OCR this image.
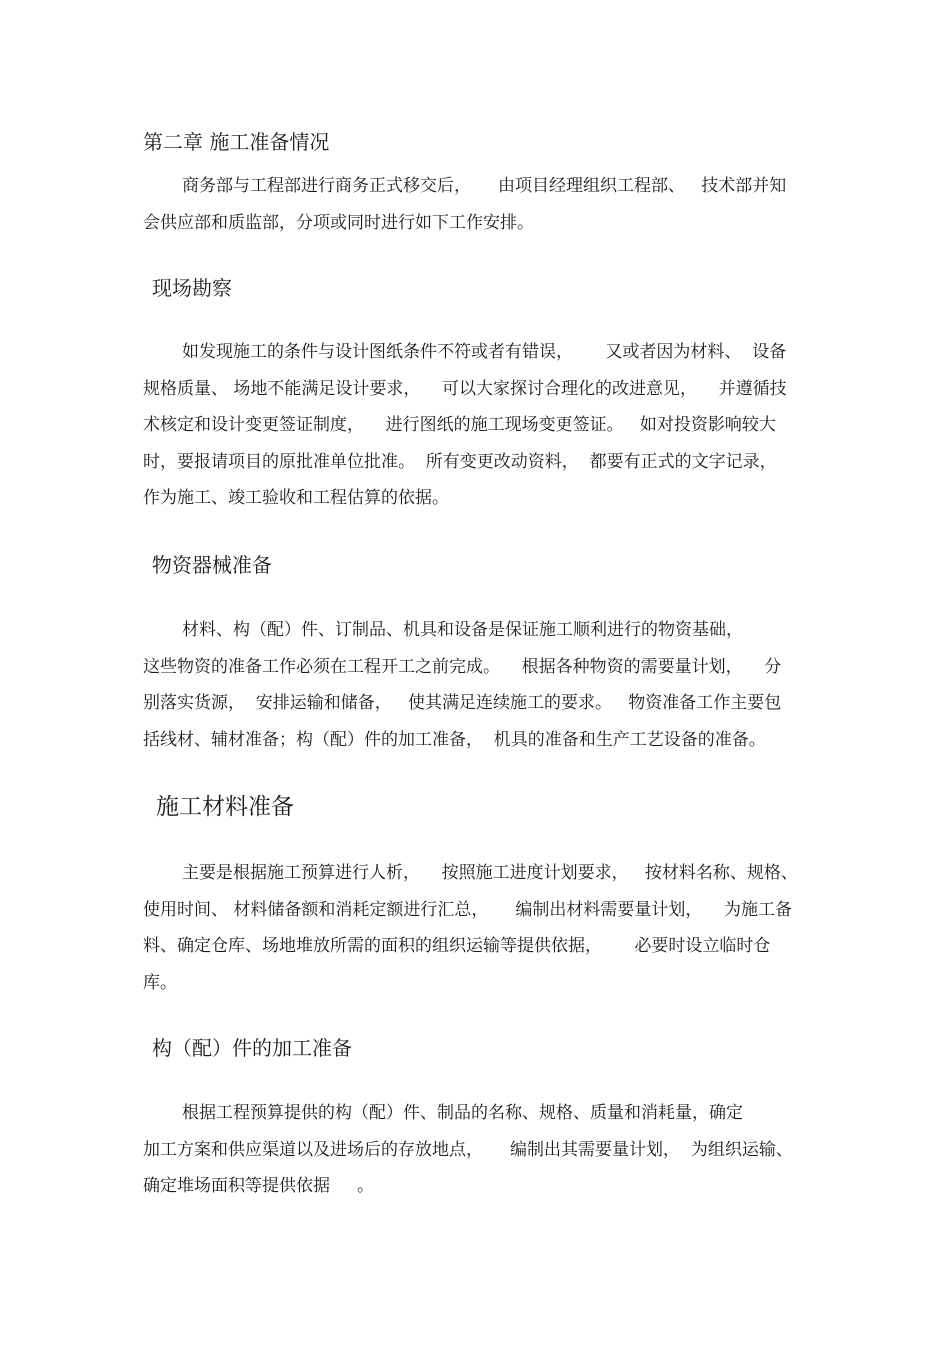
第二章 施工准备情况
商务部与工程部进行商务正式移交后，     由项目经理组织工程部、   技术部并知
会供应部和质监部，分项或同时进行如下工作安排。
现场勘察
如发现施工的条件与设计图纸条件不符或者有错误，      又或者因为材料、  设备
规格质量、 场地不能满足设计要求，    可以大家探讨合理化的改进意见，    并遵循技
术核定和设计变更签证制度，    进行图纸的施工现场变更签证。   如对投资影响较大
时，要报请项目的原批准单位批准。  所有变更改动资料，  都要有正式的文字记录，
作为施工、竣工验收和工程估算的依据。
物资器械准备
材料、构（配）件、订制品、机具和设备是保证施工顺利进行的物资基础，
这些物资的准备工作必须在工程开工之前完成。    根据各种物资的需要量计划，    分
别落实货源，  安排运输和储备，   使其满足连续施工的要求。   物资准备工作主要包
括线材、辅材准备；构（配）件的加工准备，  机具的准备和生产工艺设备的准备。
施工材料准备
主要是根据施工预算进行人析，    按照施工进度计划要求，   按材料名称、规格、
使用时间、 材料储备额和消耗定额进行汇总，     编制出材料需要量计划，    为施工备
料、确定仓库、场地堆放所需的面积的组织运输等提供依据，      必要时设立临时仓
库。
构（配）件的加工准备
根据工程预算提供的构（配）件、制品的名称、规格、质量和消耗量，确定
加工方案和供应渠道以及进场后的存放地点，     编制出其需要量计划，  为组织运输、
确定堆场面积等提供依据     。
